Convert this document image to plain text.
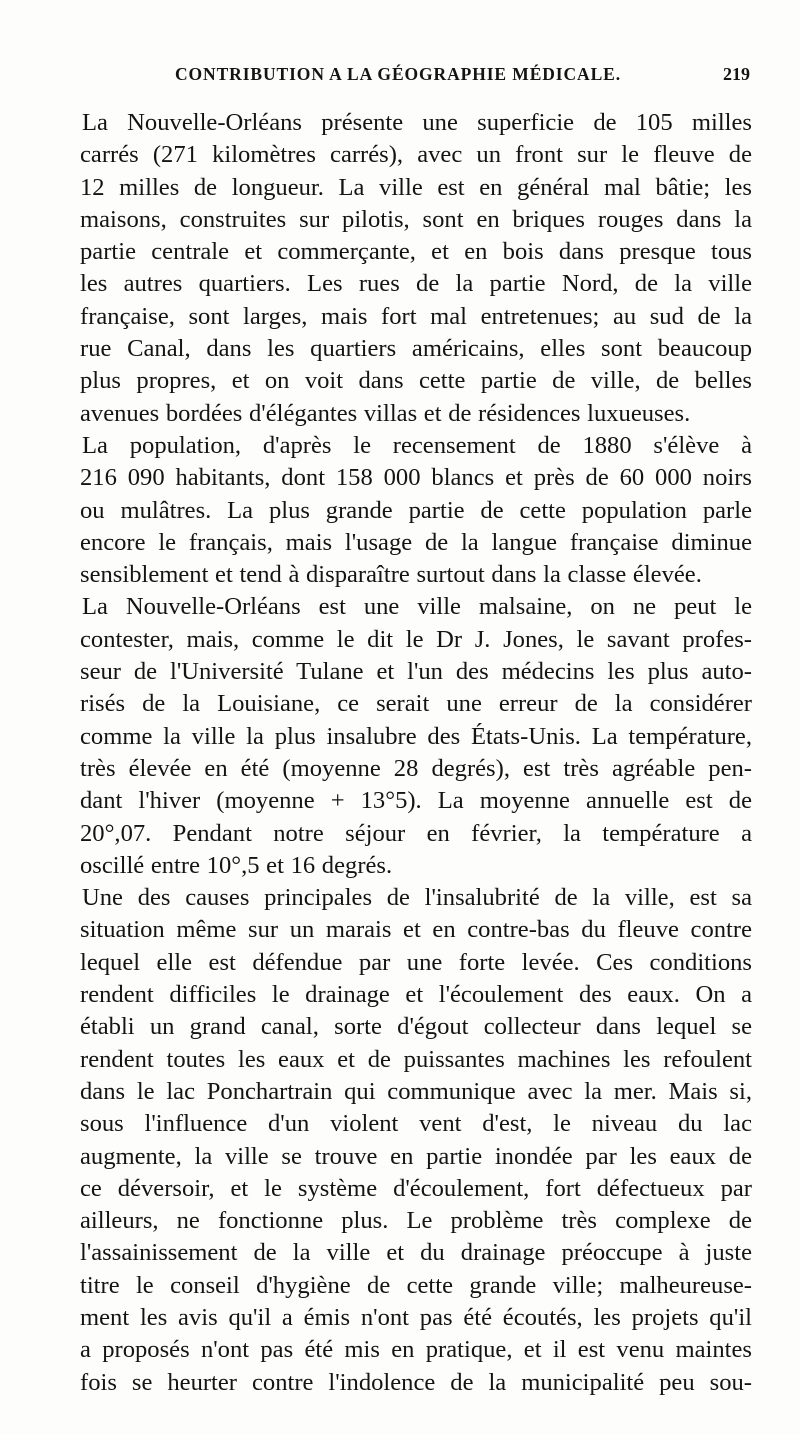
CONTRIBUTION A LA GÉOGRAPHIE MÉDICALE.	219
La Nouvelle-Orléans présente une superficie de 105 milles
carrés (271 kilomètres carrés), avec un front sur le fleuve de
12 milles de longueur. La ville est en général mal bâtie; les
maisons, construites sur pilotis, sont en briques rouges dans la
partie centrale et commerçante, et en bois dans presque tous
les autres quartiers. Les rues de la partie Nord, de la ville
française, sont larges, mais fort mal entretenues; au sud de la
rue Canal, dans les quartiers américains, elles sont beaucoup
plus propres, et on voit dans cette partie de ville, de belles
avenues bordées d'élégantes villas et de résidences luxueuses.
La population, d'après le recensement de 1880 s'élève à
216 090 habitants, dont 158 000 blancs et près de 60 000 noirs
ou mulâtres. La plus grande partie de cette population parle
encore le français, mais l'usage de la langue française diminue
sensiblement et tend à disparaître surtout dans la classe élevée.
La Nouvelle-Orléans est une ville malsaine, on ne peut le
contester, mais, comme le dit le Dr J. Jones, le savant profes-
seur de l'Université Tulane et l'un des médecins les plus auto-
risés de la Louisiane, ce serait une erreur de la considérer
comme la ville la plus insalubre des États-Unis. La température,
très élevée en été (moyenne 28 degrés), est très agréable pen-
dant l'hiver (moyenne + 13°5). La moyenne annuelle est de
20°,07. Pendant notre séjour en février, la température a
oscillé entre 10°,5 et 16 degrés.
Une des causes principales de l'insalubrité de la ville, est sa
situation même sur un marais et en contre-bas du fleuve contre
lequel elle est défendue par une forte levée. Ces conditions
rendent difficiles le drainage et l'écoulement des eaux. On a
établi un grand canal, sorte d'égout collecteur dans lequel se
rendent toutes les eaux et de puissantes machines les refoulent
dans le lac Ponchartrain qui communique avec la mer. Mais si,
sous l'influence d'un violent vent d'est, le niveau du lac
augmente, la ville se trouve en partie inondée par les eaux de
ce déversoir, et le système d'écoulement, fort défectueux par
ailleurs, ne fonctionne plus. Le problème très complexe de
l'assainissement de la ville et du drainage préoccupe à juste
titre le conseil d'hygiène de cette grande ville; malheureuse-
ment les avis qu'il a émis n'ont pas été écoutés, les projets qu'il
a proposés n'ont pas été mis en pratique, et il est venu maintes
fois se heurter contre l'indolence de la municipalité peu sou-
